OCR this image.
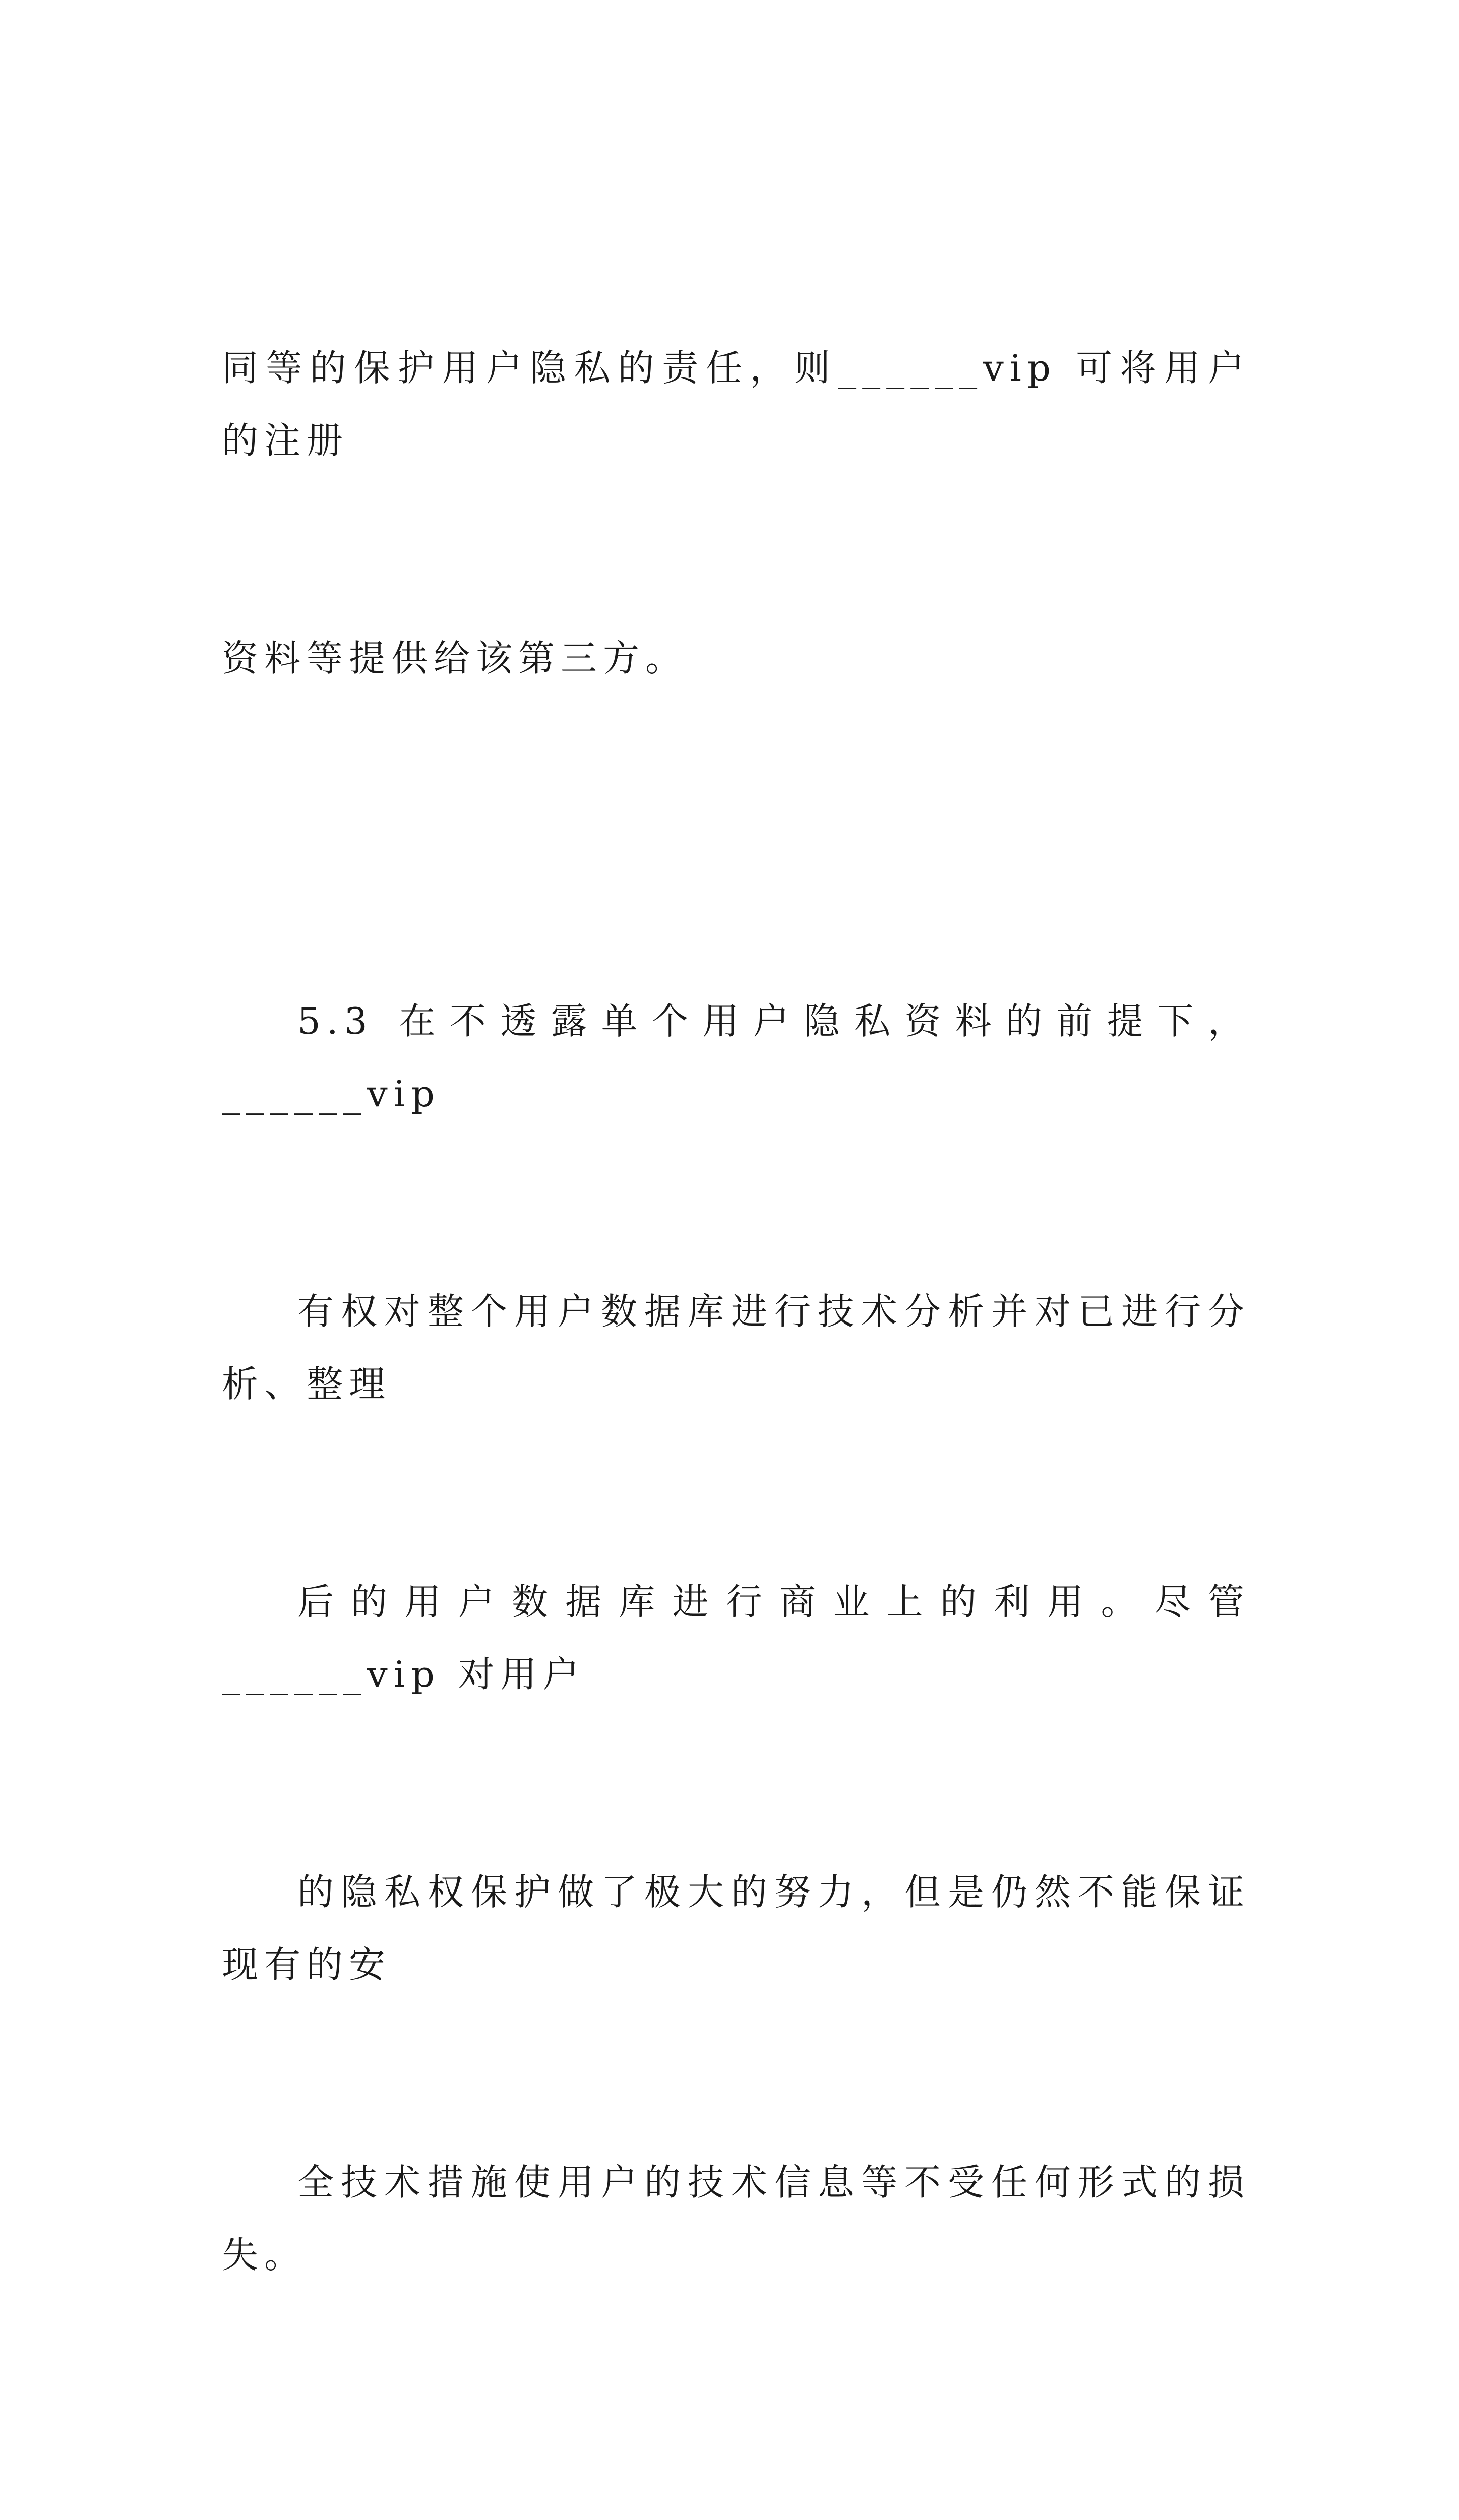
同等的保护用户隐私的责任，则______vip 可将用户的注册

资料等提供给该第三方。

5.3 在不透露单个用户隐私资料的前提下，______vip

有权对整个用户数据库进行技术分析并对已进行分析、整理

后的用户数据库进行商业上的利用。尽管______vip 对用户

的隐私权保护做了极大的努力，但是仍然不能保证现有的安

全技术措施使用户的技术信息等不受任何形式的损失。
